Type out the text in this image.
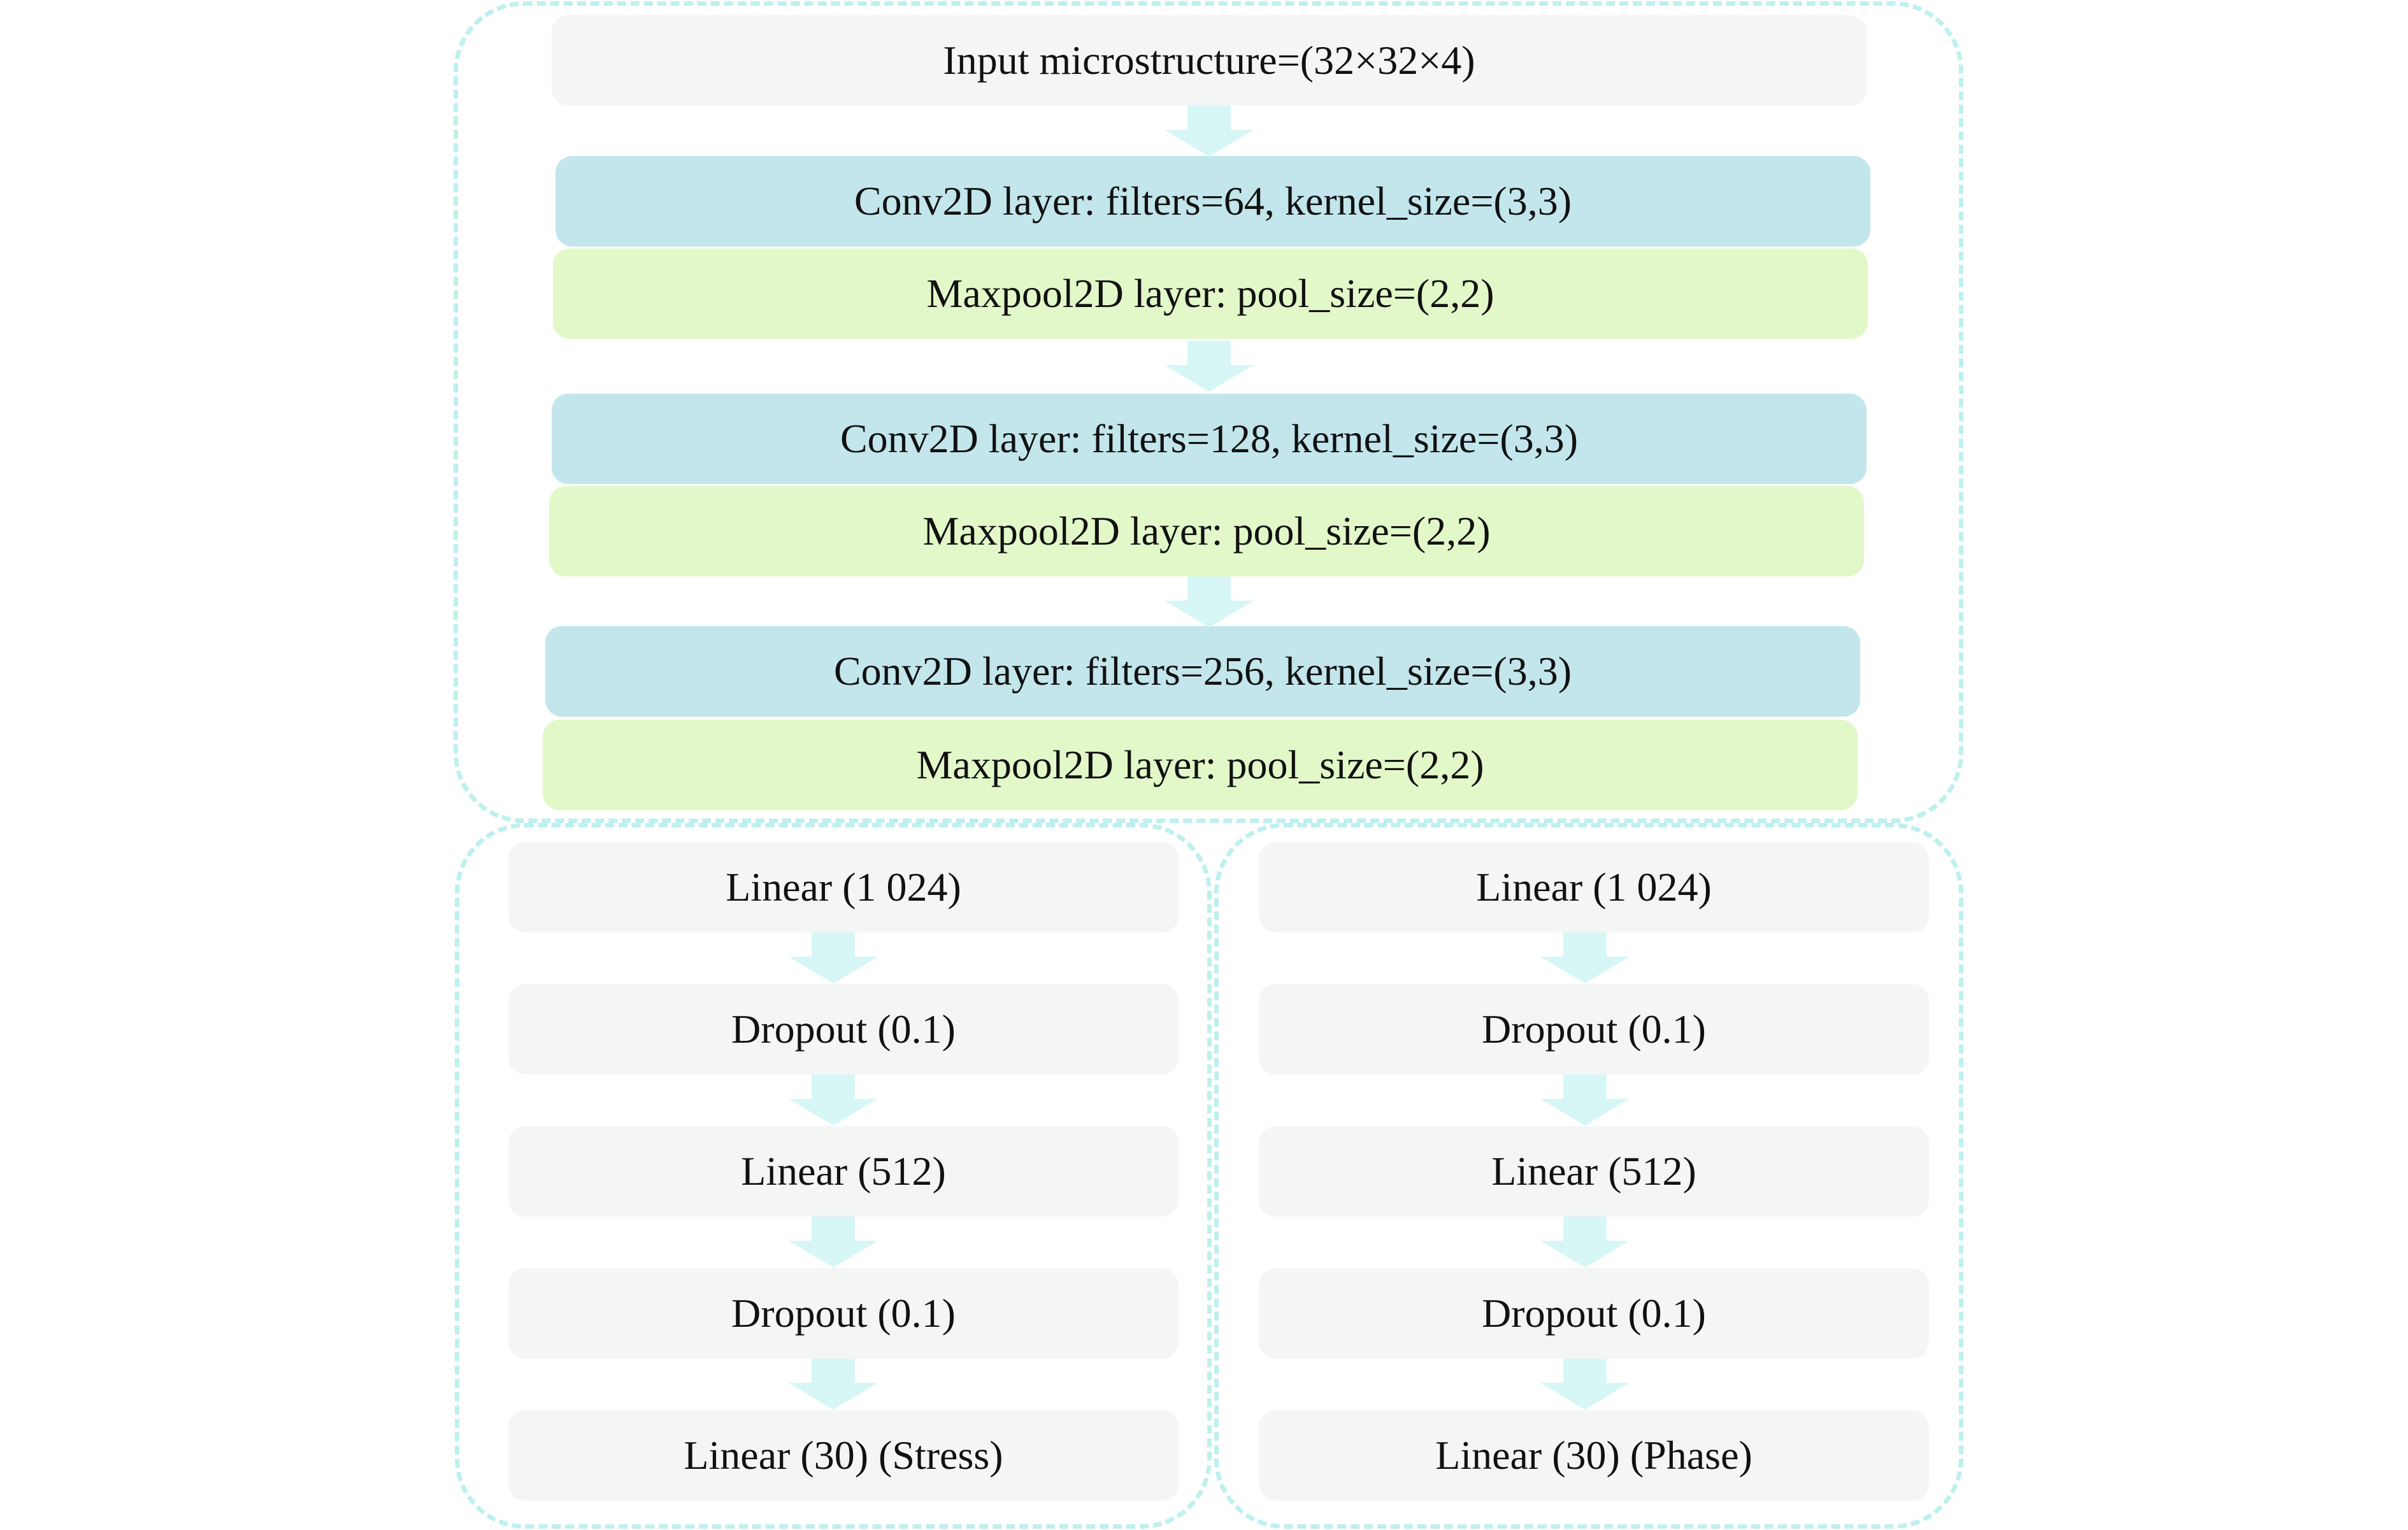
Input microstructure=(32×32×4)
Conv2D layer: filters=64, kernel_size=(3,3)
Maxpool2D layer: pool_size=(2,2)
Conv2D layer: filters=128, kernel_size=(3,3)
Maxpool2D layer: pool_size=(2,2)
Conv2D layer: filters=256, kernel_size=(3,3)
Maxpool2D layer: pool_size=(2,2)
Linear (1 024)
Dropout (0.1)
Linear (512)
Dropout (0.1)
Linear (30) (Stress)
Linear (1 024)
Dropout (0.1)
Linear (512)
Dropout (0.1)
Linear (30) (Phase)
